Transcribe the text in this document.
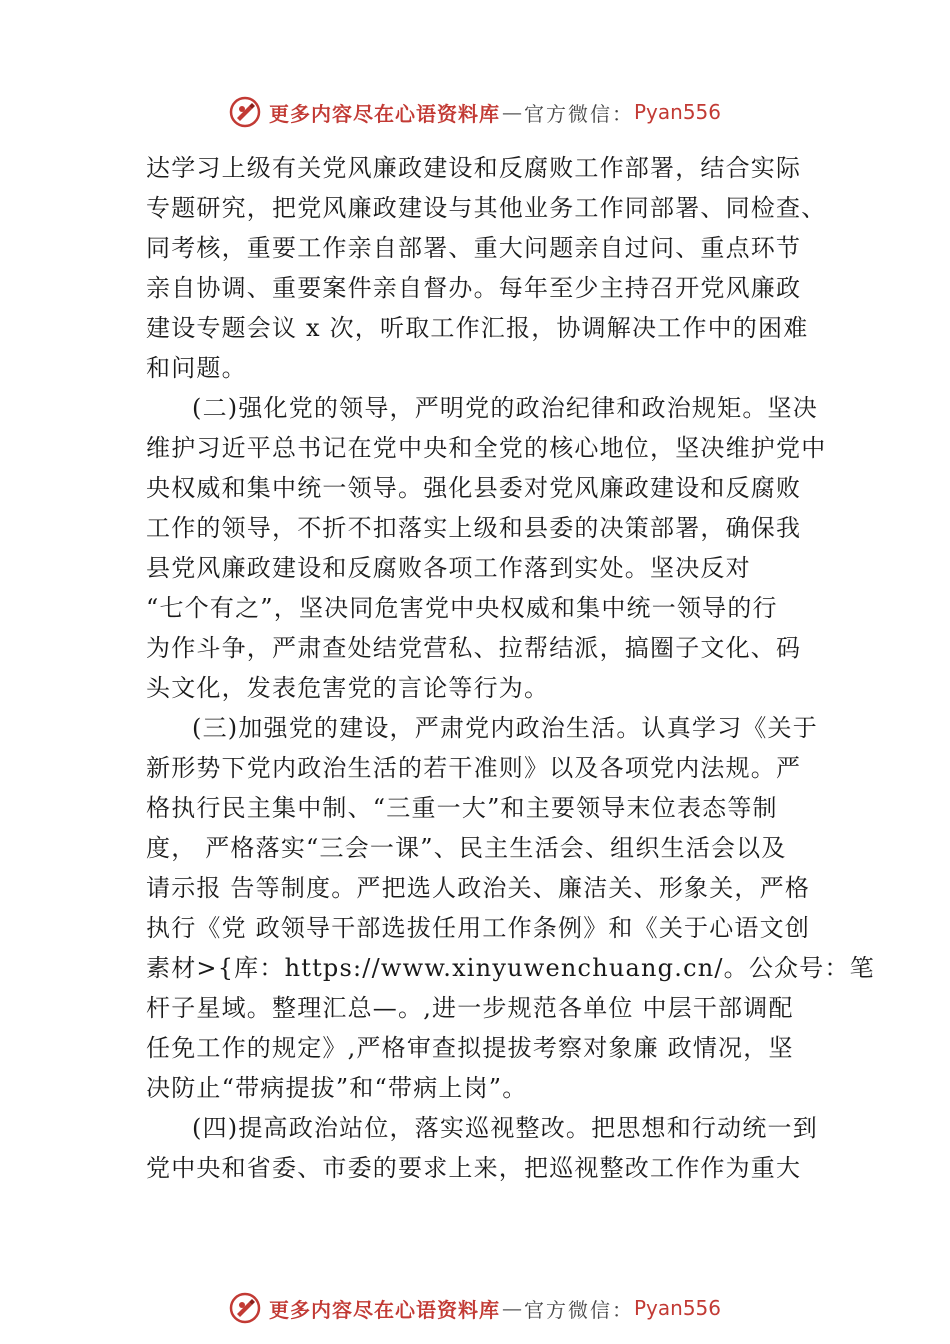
更多内容尽在心语资料库 — 官方微信： Pyan556
达学习上级有关党风廉政建设和反腐败工作部署，结合实际
专题研究，把党风廉政建设与其他业务工作同部署、同检查、
同考核，重要工作亲自部署、重大问题亲自过问、重点环节
亲自协调、重要案件亲自督办。每年至少主持召开党风廉政
建设专题会议 x 次，听取工作汇报，协调解决工作中的困难
和问题。
(二)强化党的领导，严明党的政治纪律和政治规矩。坚决
维护习近平总书记在党中央和全党的核心地位，坚决维护党中
央权威和集中统一领导。强化县委对党风廉政建设和反腐败
工作的领导，不折不扣落实上级和县委的决策部署，确保我
县党风廉政建设和反腐败各项工作落到实处。坚决反对
“七个有之”，坚决同危害党中央权威和集中统一领导的行
为作斗争，严肃查处结党营私、拉帮结派，搞圈子文化、码
头文化，发表危害党的言论等行为。
(三)加强党的建设，严肃党内政治生活。认真学习《关于
新形势下党内政治生活的若干准则》以及各项党内法规。严
格执行民主集中制、“三重一大”和主要领导末位表态等制
度， 严格落实“三会一课”、民主生活会、组织生活会以及
请示报 告等制度。严把选人政治关、廉洁关、形象关，严格
执行《党 政领导干部选拔任用工作条例》和《关于心语文创
素材>{库：https://www.xinyuwenchuang.cn/。公众号：笔
杆子星域。整理汇总—。,进一步规范各单位 中层干部调配
任免工作的规定》,严格审查拟提拔考察对象廉 政情况，坚
决防止“带病提拔”和“带病上岗”。
(四)提高政治站位，落实巡视整改。把思想和行动统一到
党中央和省委、市委的要求上来，把巡视整改工作作为重大
更多内容尽在心语资料库 — 官方微信： Pyan556
